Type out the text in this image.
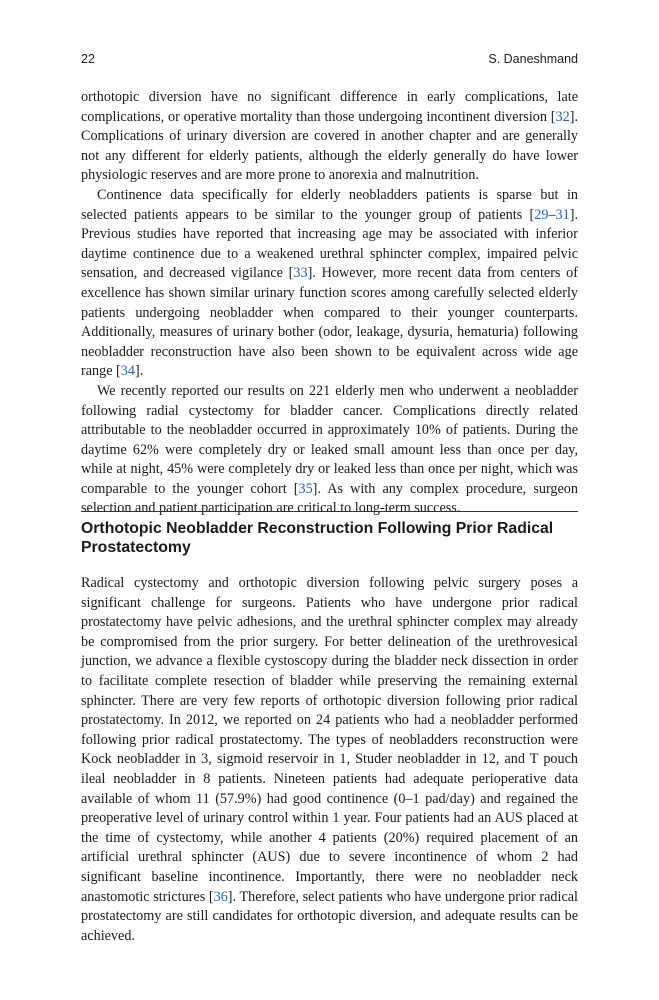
22	S. Daneshmand

orthotopic diversion have no significant difference in early complications, late complications, or operative mortality than those undergoing incontinent diversion [32]. Complications of urinary diversion are covered in another chapter and are generally not any different for elderly patients, although the elderly generally do have lower physiologic reserves and are more prone to anorexia and malnutrition.

Continence data specifically for elderly neobladders patients is sparse but in selected patients appears to be similar to the younger group of patients [29–31]. Previous studies have reported that increasing age may be associated with inferior daytime continence due to a weakened urethral sphincter complex, impaired pelvic sensation, and decreased vigilance [33]. However, more recent data from centers of excellence has shown similar urinary function scores among carefully selected elderly patients undergoing neobladder when compared to their younger counterparts. Additionally, measures of urinary bother (odor, leakage, dysuria, hematuria) following neobladder reconstruction have also been shown to be equivalent across wide age range [34].

We recently reported our results on 221 elderly men who underwent a neobladder following radial cystectomy for bladder cancer. Complications directly related attributable to the neobladder occurred in approximately 10% of patients. During the daytime 62% were completely dry or leaked small amount less than once per day, while at night, 45% were completely dry or leaked less than once per night, which was comparable to the younger cohort [35]. As with any complex procedure, surgeon selection and patient participation are critical to long-term success.

Orthotopic Neobladder Reconstruction Following Prior Radical Prostatectomy

Radical cystectomy and orthotopic diversion following pelvic surgery poses a significant challenge for surgeons. Patients who have undergone prior radical prostatectomy have pelvic adhesions, and the urethral sphincter complex may already be compromised from the prior surgery. For better delineation of the urethrovesical junction, we advance a flexible cystoscopy during the bladder neck dissection in order to facilitate complete resection of bladder while preserving the remaining external sphincter. There are very few reports of orthotopic diversion following prior radical prostatectomy. In 2012, we reported on 24 patients who had a neobladder performed following prior radical prostatectomy. The types of neobladders reconstruction were Kock neobladder in 3, sigmoid reservoir in 1, Studer neobladder in 12, and T pouch ileal neobladder in 8 patients. Nineteen patients had adequate perioperative data available of whom 11 (57.9%) had good continence (0–1 pad/day) and regained the preoperative level of urinary control within 1 year. Four patients had an AUS placed at the time of cystectomy, while another 4 patients (20%) required placement of an artificial urethral sphincter (AUS) due to severe incontinence of whom 2 had significant baseline incontinence. Importantly, there were no neobladder neck anastomotic strictures [36]. Therefore, select patients who have undergone prior radical prostatectomy are still candidates for orthotopic diversion, and adequate results can be achieved.
